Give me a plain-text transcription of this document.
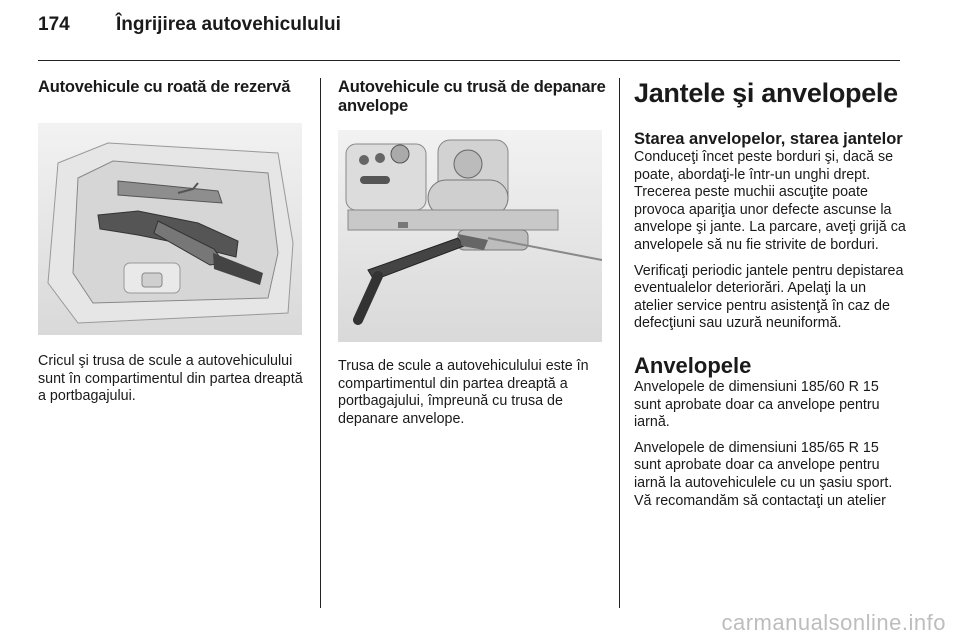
174	Îngrijirea autovehiculului
Autovehicule cu roată de rezervă

Cricul şi trusa de scule a autovehiculului sunt în compartimentul din partea dreaptă a portbagajului.

Autovehicule cu trusă de depanare anvelope

Trusa de scule a autovehiculului este în compartimentul din partea dreaptă a portbagajului, împreună cu trusa de depanare anvelope.

Jantele şi anvelopele
Starea anvelopelor, starea jantelor

Conduceţi încet peste borduri şi, dacă se poate, abordaţi-le într-un unghi drept. Trecerea peste muchii ascuţite poate provoca apariţia unor defecte ascunse la anvelope şi jante. La parcare, aveţi grijă ca anvelopele să nu fie strivite de borduri.

Verificaţi periodic jantele pentru depistarea eventualelor deteriorări. Apelaţi la un atelier service pentru asistenţă în caz de defecţiuni sau uzură neuniformă.

Anvelopele

Anvelopele de dimensiuni 185/60 R 15 sunt aprobate doar ca anvelope pentru iarnă.

Anvelopele de dimensiuni 185/65 R 15 sunt aprobate doar ca anvelope pentru iarnă la autovehiculele cu un şasiu sport. Vă recomandăm să contactaţi un atelier

carmanualsonline.info
